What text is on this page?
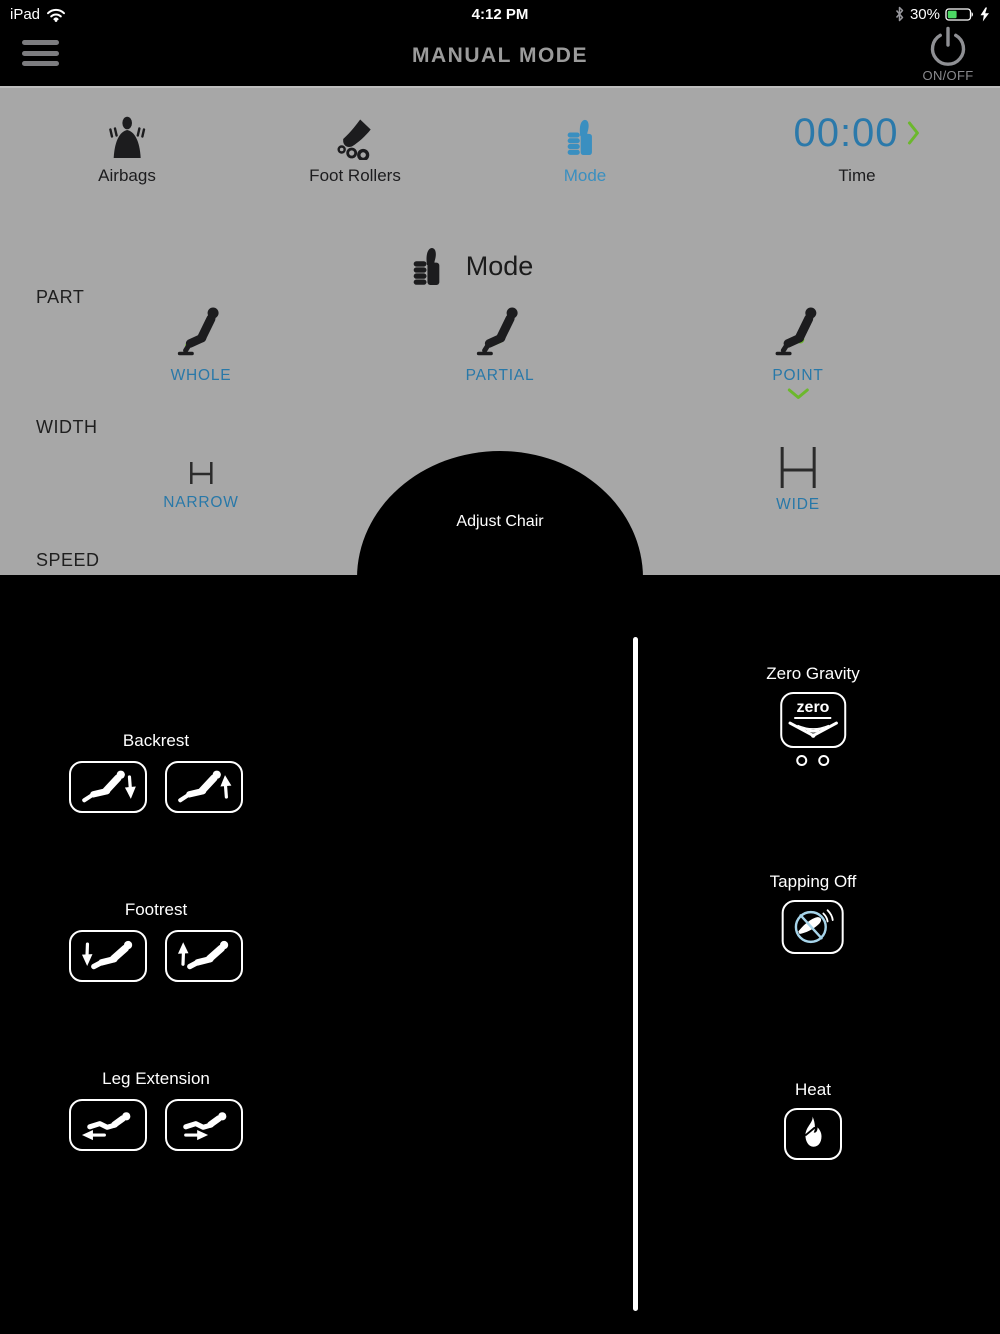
iPad	4:12 PM	30%
MANUAL MODE
ON/OFF
Airbags	Foot Rollers	Mode
00:00
Time
Mode
PART
WHOLE	PARTIAL	POINT
WIDTH
NARROW	WIDE
SPEED
Adjust Chair
Backrest
Footrest
Leg Extension
Zero Gravity
zero
Tapping Off
Heat
